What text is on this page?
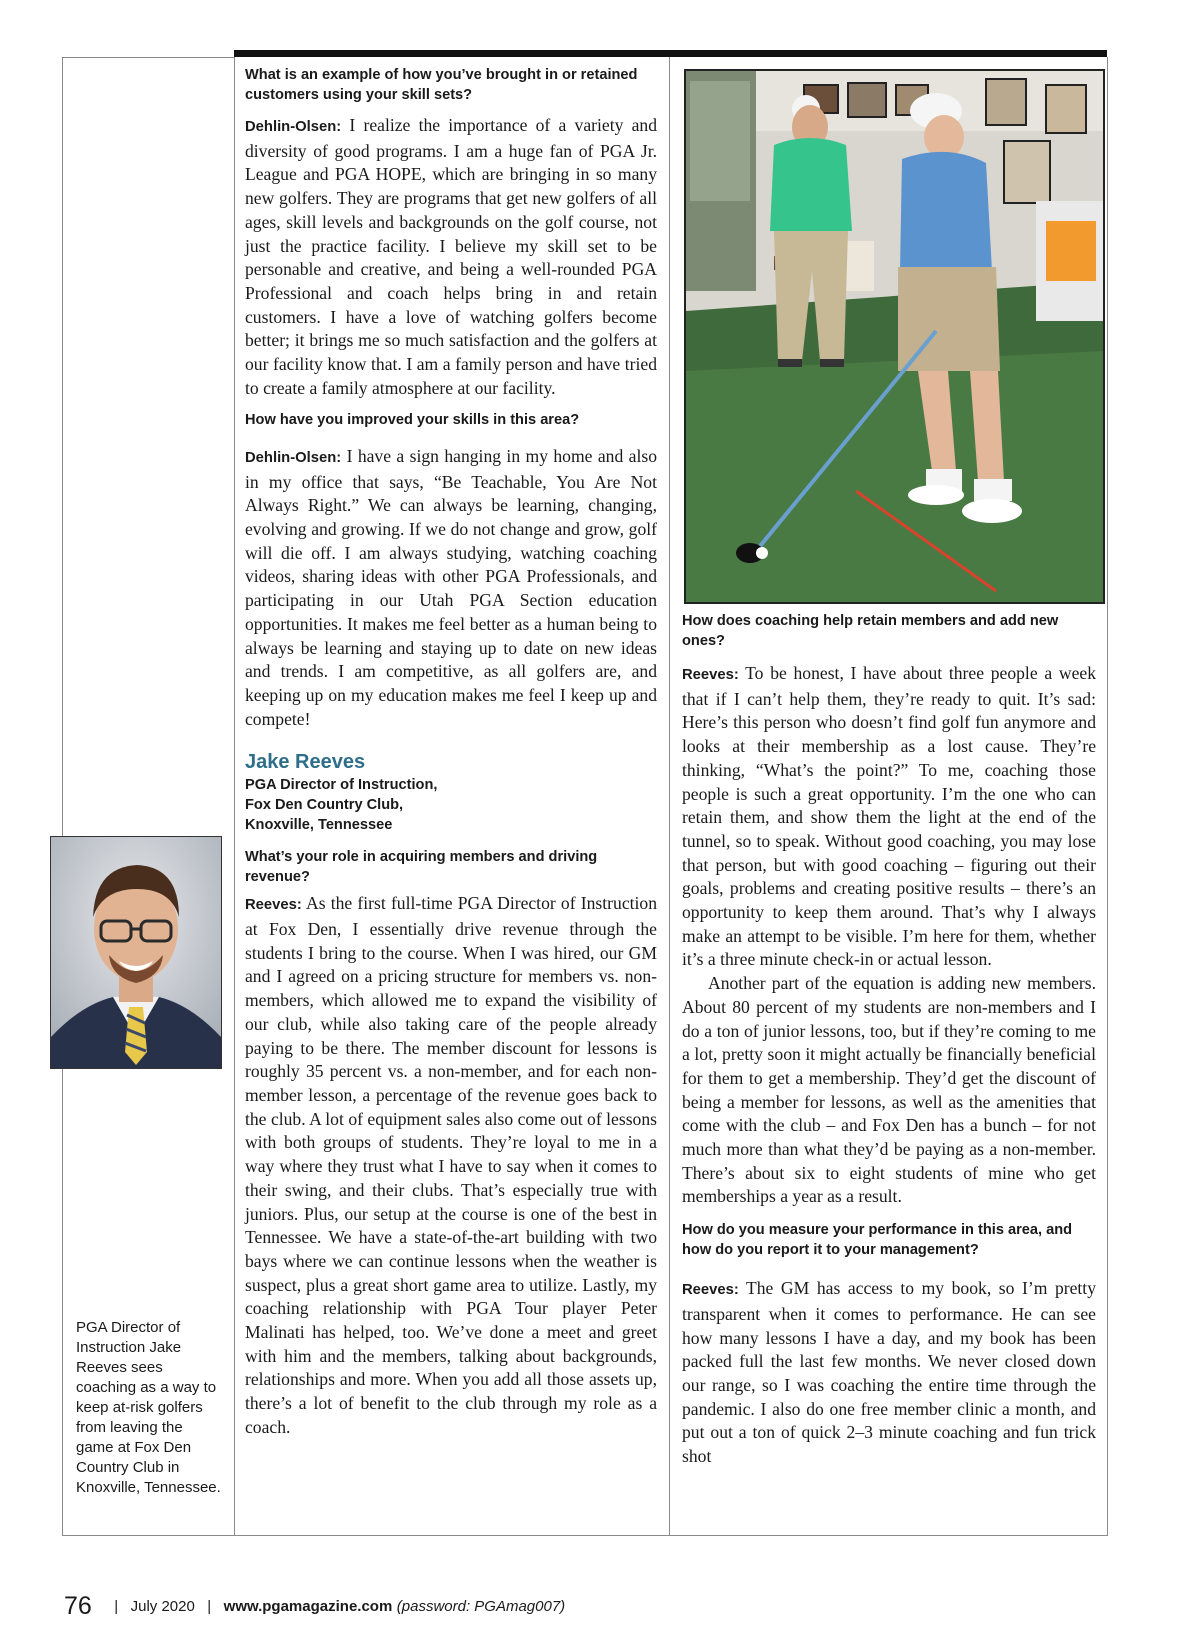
What is an example of how you’ve brought in or retained customers using your skill sets?

Dehlin-Olsen: I realize the importance of a variety and diversity of good programs. I am a huge fan of PGA Jr. League and PGA HOPE, which are bringing in so many new golfers. They are programs that get new golfers of all ages, skill levels and backgrounds on the golf course, not just the practice facility. I believe my skill set to be personable and creative, and being a well-rounded PGA Professional and coach helps bring in and retain customers. I have a love of watching golfers become better; it brings me so much satisfaction and the golfers at our facility know that. I am a family person and have tried to create a family atmosphere at our facility.

How have you improved your skills in this area?

Dehlin-Olsen: I have a sign hanging in my home and also in my office that says, “Be Teachable, You Are Not Always Right.” We can always be learning, changing, evolving and growing. If we do not change and grow, golf will die off. I am always studying, watching coaching videos, sharing ideas with other PGA Professionals, and participating in our Utah PGA Section education opportunities. It makes me feel better as a human being to always be learning and staying up to date on new ideas and trends. I am competitive, as all golfers are, and keeping up on my education makes me feel I keep up and compete!

Jake Reeves

PGA Director of Instruction,

Fox Den Country Club,

Knoxville, Tennessee

What’s your role in acquiring members and driving revenue?

Reeves: As the first full-time PGA Director of Instruction at Fox Den, I essentially drive revenue through the students I bring to the course. When I was hired, our GM and I agreed on a pricing structure for members vs. non-members, which allowed me to expand the visibility of our club, while also taking care of the people already paying to be there. The member discount for lessons is roughly 35 percent vs. a non-member, and for each non-member lesson, a percentage of the revenue goes back to the club. A lot of equipment sales also come out of lessons with both groups of students. They’re loyal to me in a way where they trust what I have to say when it comes to their swing, and their clubs. That’s especially true with juniors. Plus, our setup at the course is one of the best in Tennessee. We have a state-of-the-art building with two bays where we can continue lessons when the weather is suspect, plus a great short game area to utilize. Lastly, my coaching relationship with PGA Tour player Peter Malinati has helped, too. We’ve done a meet and greet with him and the members, talking about backgrounds, relationships and more. When you add all those assets up, there’s a lot of benefit to the club through my role as a coach.

How does coaching help retain members and add new ones?

Reeves: To be honest, I have about three people a week that if I can’t help them, they’re ready to quit. It’s sad: Here’s this person who doesn’t find golf fun anymore and looks at their membership as a lost cause. They’re thinking, “What’s the point?” To me, coaching those people is such a great opportunity. I’m the one who can retain them, and show them the light at the end of the tunnel, so to speak. Without good coaching, you may lose that person, but with good coaching – figuring out their goals, problems and creating positive results – there’s an opportunity to keep them around. That’s why I always make an attempt to be visible. I’m here for them, whether it’s a three minute check-in or actual lesson.

Another part of the equation is adding new members. About 80 percent of my students are non-members and I do a ton of junior lessons, too, but if they’re coming to me a lot, pretty soon it might actually be financially beneficial for them to get a membership. They’d get the discount of being a member for lessons, as well as the amenities that come with the club – and Fox Den has a bunch – for not much more than what they’d be paying as a non-member. There’s about six to eight students of mine who get memberships a year as a result.

How do you measure your performance in this area, and how do you report it to your management?

Reeves: The GM has access to my book, so I’m pretty transparent when it comes to performance. He can see how many lessons I have a day, and my book has been packed full the last few months. We never closed down our range, so I was coaching the entire time through the pandemic. I also do one free member clinic a month, and put out a ton of quick 2–3 minute coaching and fun trick shot

PGA Director of Instruction Jake Reeves sees coaching as a way to keep at-risk golfers from leaving the game at Fox Den Country Club in Knoxville, Tennessee.

76 | July 2020 | www.pgamagazine.com (password: PGAmag007)
